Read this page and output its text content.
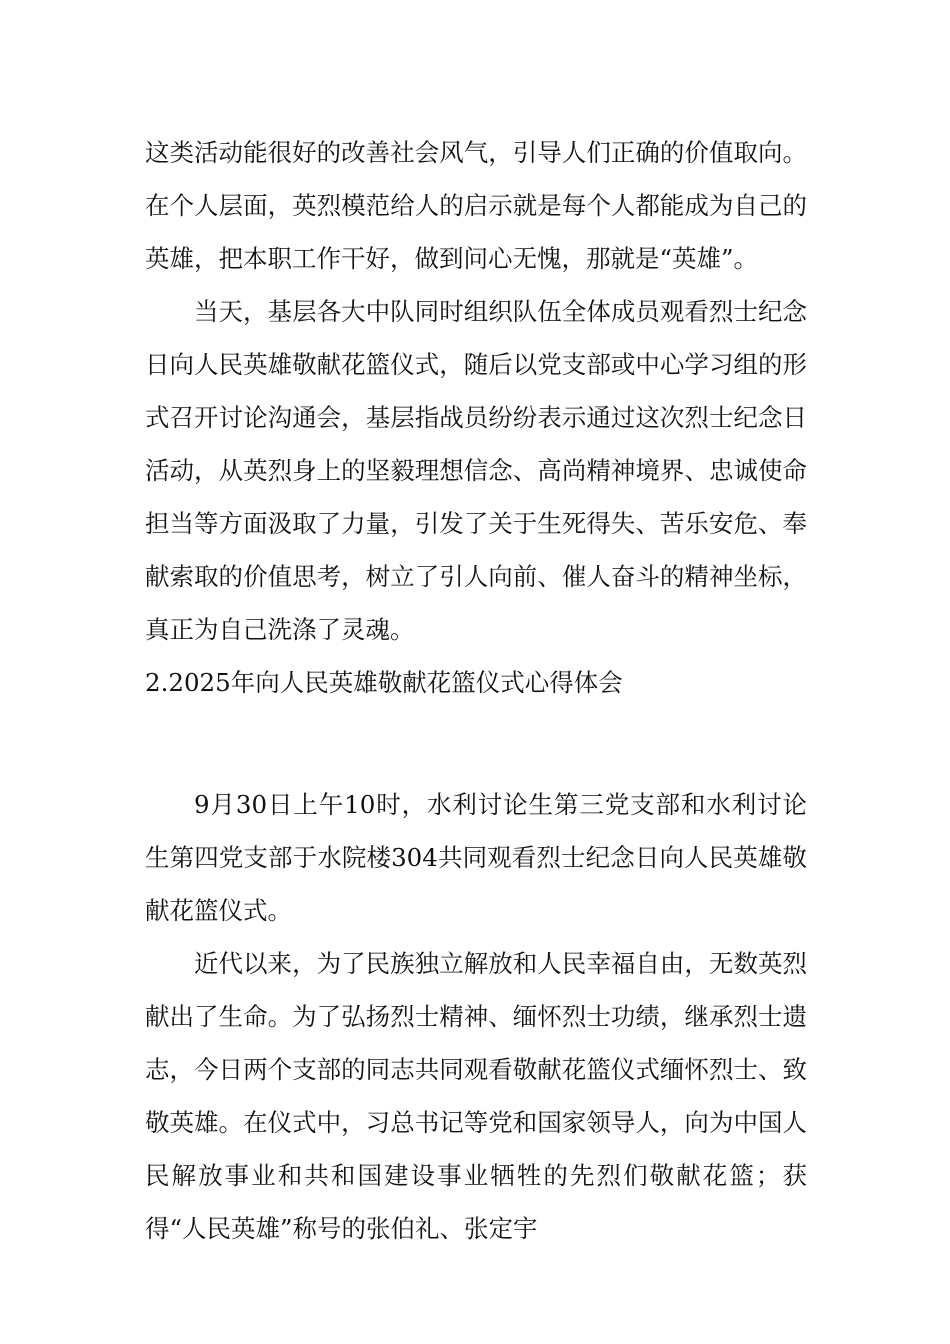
这类活动能很好的改善社会风气，引导人们正确的价值取向。在个人层面，英烈模范给人的启示就是每个人都能成为自己的英雄，把本职工作干好，做到问心无愧，那就是“英雄”。

当天，基层各大中队同时组织队伍全体成员观看烈士纪念日向人民英雄敬献花篮仪式，随后以党支部或中心学习组的形式召开讨论沟通会，基层指战员纷纷表示通过这次烈士纪念日活动，从英烈身上的坚毅理想信念、高尚精神境界、忠诚使命担当等方面汲取了力量，引发了关于生死得失、苦乐安危、奉献索取的价值思考，树立了引人向前、催人奋斗的精神坐标，真正为自己洗涤了灵魂。

2.2025年向人民英雄敬献花篮仪式心得体会

9月30日上午10时，水利讨论生第三党支部和水利讨论生第四党支部于水院楼304共同观看烈士纪念日向人民英雄敬献花篮仪式。

近代以来，为了民族独立解放和人民幸福自由，无数英烈献出了生命。为了弘扬烈士精神、缅怀烈士功绩，继承烈士遗志，今日两个支部的同志共同观看敬献花篮仪式缅怀烈士、致敬英雄。在仪式中，习总书记等党和国家领导人，向为中国人民解放事业和共和国建设事业牺牲的先烈们敬献花篮；获得“人民英雄”称号的张伯礼、张定宇
